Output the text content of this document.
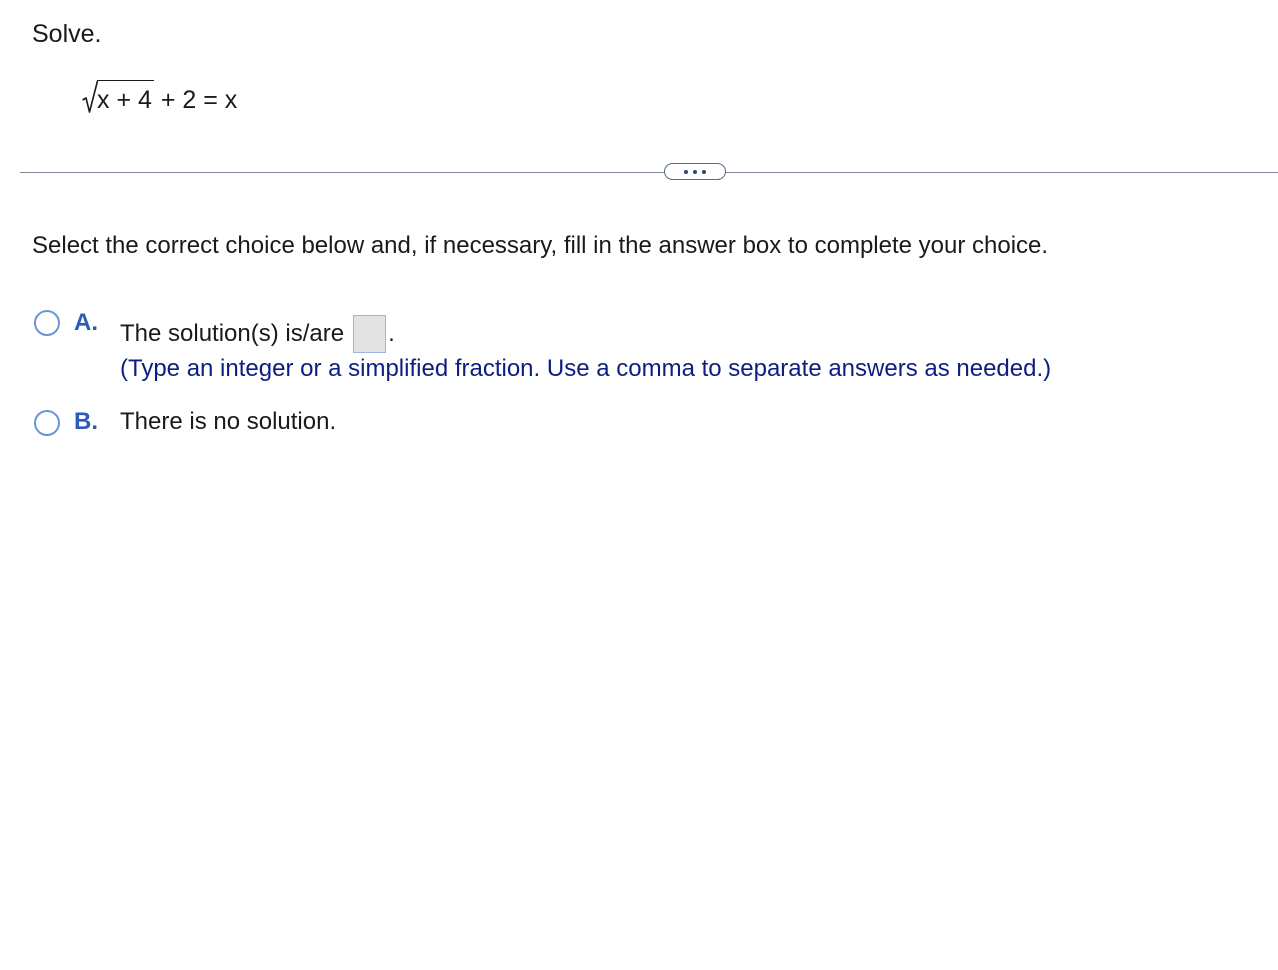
Solve.
x + 4 + 2 = x
Select the correct choice below and, if necessary, fill in the answer box to complete your choice.
A. The solution(s) is/are .
(Type an integer or a simplified fraction. Use a comma to separate answers as needed.)
B. There is no solution.
